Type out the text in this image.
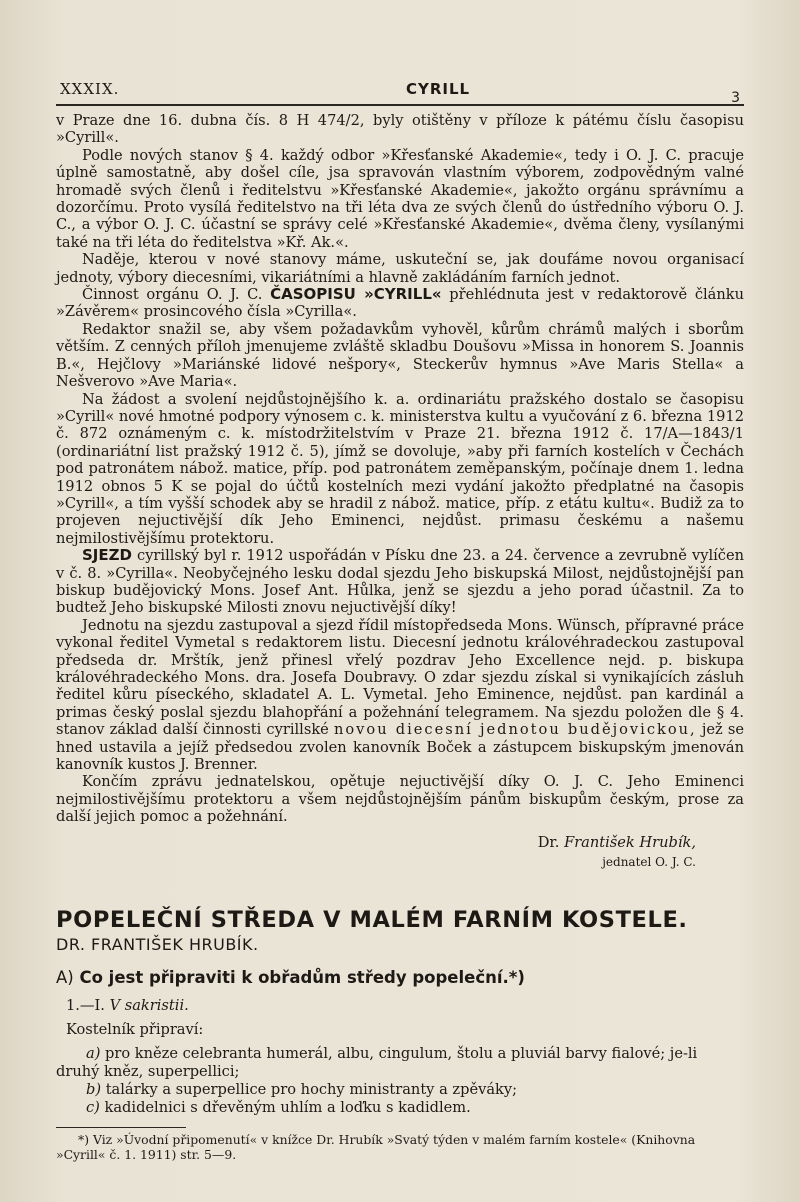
XXXIX.	CYRILL	3

v Praze dne 16. dubna čís. 8 H 474/2, byly otištěny v příloze k pátému číslu časopisu »Cyrill«.

Podle nových stanov § 4. každý odbor »Křesťanské Akademie«, tedy i O. J. C. pracuje úplně samostatně, aby došel cíle, jsa spravován vlastním výborem, zodpovědným valné hromadě svých členů i ředitelstvu »Křesťanské Akademie«, jakožto orgánu správnímu a dozorčímu. Proto vysílá ředitelstvo na tři léta dva ze svých členů do ústředního výboru O. J. C., a výbor O. J. C. účastní se správy celé »Křesťanské Akademie«, dvěma členy, vysílanými také na tři léta do ředitelstva »Kř. Ak.«.

Naděje, kterou v nové stanovy máme, uskuteční se, jak doufáme novou organisací jednoty, výbory diecesními, vikariátními a hlavně zakládáním farních jednot.

Činnost orgánu O. J. C. ČASOPISU »CYRILL« přehlédnuta jest v redaktorově článku »Závěrem« prosincového čísla »Cyrilla«.

Redaktor snažil se, aby všem požadavkům vyhověl, kůrům chrámů malých i sborům větším. Z cenných příloh jmenujeme zvláště skladbu Doušovu »Missa in honorem S. Joannis B.«, Hejčlovy »Mariánské lidové nešpory«, Steckerův hymnus »Ave Maris Stella« a Nešverovo »Ave Maria«.

Na žádost a svolení nejdůstojnějšího k. a. ordinariátu pražského dostalo se časopisu »Cyrill« nové hmotné podpory výnosem c. k. ministerstva kultu a vyučování z 6. března 1912 č. 872 oznámeným c. k. místodržitelstvím v Praze 21. března 1912 č. 17/A—1843/1 (ordinariátní list pražský 1912 č. 5), jímž se dovoluje, »aby při farních kostelích v Čechách pod patronátem nábož. matice, příp. pod patronátem zeměpanským, počínaje dnem 1. ledna 1912 obnos 5 K se pojal do účtů kostelních mezi vydání jakožto předplatné na časopis »Cyrill«, a tím vyšší schodek aby se hradil z nábož. matice, příp. z etátu kultu«. Budiž za to projeven nejuctivější dík Jeho Eminenci, nejdůst. primasu českému a našemu nejmilostivějšímu protektoru.

SJEZD cyrillský byl r. 1912 uspořádán v Písku dne 23. a 24. července a zevrubně vylíčen v č. 8. »Cyrilla«. Neobyčejného lesku dodal sjezdu Jeho biskupská Milost, nejdůstojnější pan biskup budějovický Mons. Josef Ant. Hůlka, jenž se sjezdu a jeho porad účastnil. Za to budtež Jeho biskupské Milosti znovu nejuctivější díky!

Jednotu na sjezdu zastupoval a sjezd řídil místopředseda Mons. Wünsch, přípravné práce vykonal ředitel Vymetal s redaktorem listu. Diecesní jednotu královéhradeckou zastupoval předseda dr. Mrštík, jenž přinesl vřelý pozdrav Jeho Excellence nejd. p. biskupa královéhradeckého Mons. dra. Josefa Doubravy. O zdar sjezdu získal si vynikajících zásluh ředitel kůru píseckého, skladatel A. L. Vymetal. Jeho Eminence, nejdůst. pan kardinál a primas český poslal sjezdu blahopřání a požehnání telegramem. Na sjezdu položen dle § 4. stanov základ další činnosti cyrillské novou diecesní jednotou budějovickou, jež se hned ustavila a jejíž předsedou zvolen kanovník Boček a zástupcem biskupským jmenován kanovník kustos J. Brenner.

Končím zprávu jednatelskou, opětuje nejuctivější díky O. J. C. Jeho Eminenci nejmilostivějšímu protektoru a všem nejdůstojnějším pánům biskupům českým, prose za další jejich pomoc a požehnání.

Dr. František Hrubík,
jednatel O. J. C.
POPELEČNÍ STŘEDA V MALÉM FARNÍM KOSTELE.
DR. FRANTIŠEK HRUBÍK.
A) Co jest připraviti k obřadům středy popeleční.*)
1.—I. V sakristii.
Kostelník připraví:
a) pro kněze celebranta humerál, albu, cingulum, štolu a pluviál barvy fialové; je-li druhý kněz, superpellici;
b) talárky a superpellice pro hochy ministranty a zpěváky;
c) kadidelnici s dřevěným uhlím a loďku s kadidlem.
*) Viz »Úvodní připomenutí« v knížce Dr. Hrubík »Svatý týden v malém farním kostele« (Knihovna »Cyrill« č. 1. 1911) str. 5—9.
